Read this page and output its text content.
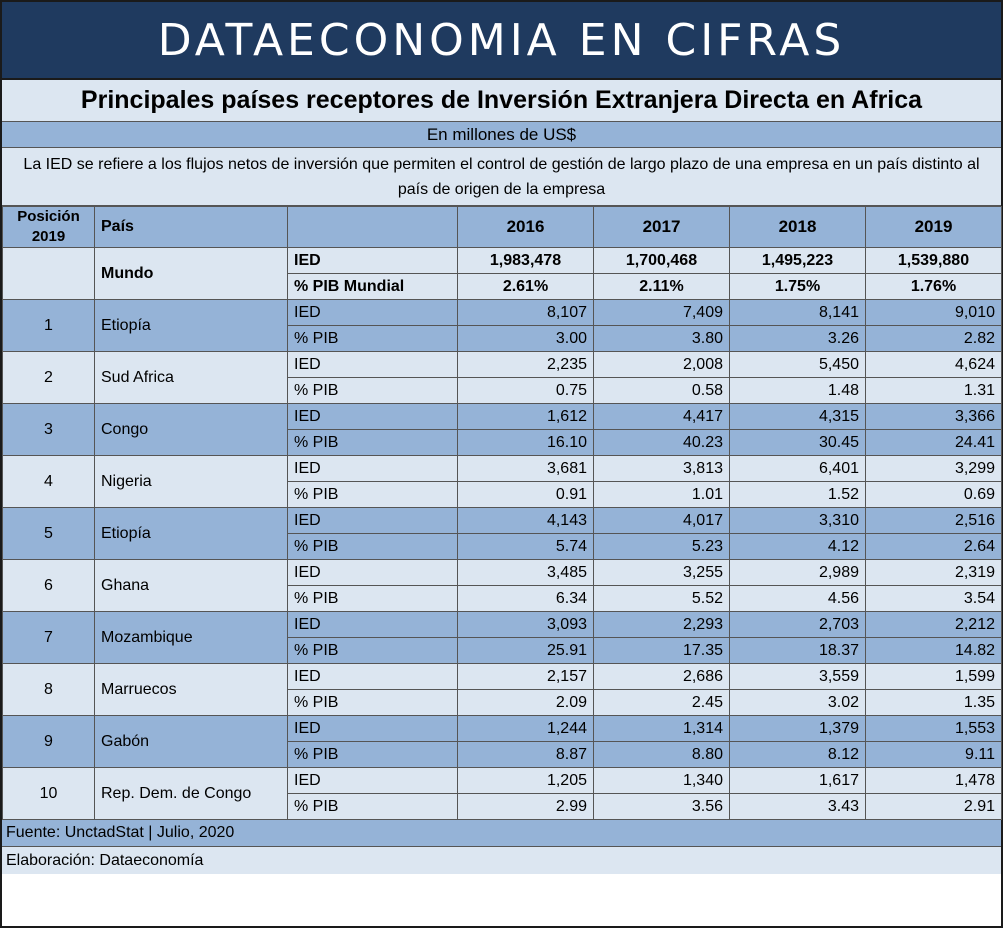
DATAECONOMIA EN CIFRAS
Principales países receptores de Inversión Extranjera Directa en Africa
En millones de US$
La IED se refiere a los flujos netos de inversión que permiten el control de gestión de largo plazo de una empresa en un país distinto al país de origen de la empresa
Posición 2019	País		2016	2017	2018	2019
	Mundo	IED	1,983,478	1,700,468	1,495,223	1,539,880
		% PIB Mundial	2.61%	2.11%	1.75%	1.76%
1	Etiopía	IED	8,107	7,409	8,141	9,010
		% PIB	3.00	3.80	3.26	2.82
2	Sud Africa	IED	2,235	2,008	5,450	4,624
		% PIB	0.75	0.58	1.48	1.31
3	Congo	IED	1,612	4,417	4,315	3,366
		% PIB	16.10	40.23	30.45	24.41
4	Nigeria	IED	3,681	3,813	6,401	3,299
		% PIB	0.91	1.01	1.52	0.69
5	Etiopía	IED	4,143	4,017	3,310	2,516
		% PIB	5.74	5.23	4.12	2.64
6	Ghana	IED	3,485	3,255	2,989	2,319
		% PIB	6.34	5.52	4.56	3.54
7	Mozambique	IED	3,093	2,293	2,703	2,212
		% PIB	25.91	17.35	18.37	14.82
8	Marruecos	IED	2,157	2,686	3,559	1,599
		% PIB	2.09	2.45	3.02	1.35
9	Gabón	IED	1,244	1,314	1,379	1,553
		% PIB	8.87	8.80	8.12	9.11
10	Rep. Dem. de Congo	IED	1,205	1,340	1,617	1,478
		% PIB	2.99	3.56	3.43	2.91
Fuente: UnctadStat | Julio, 2020
Elaboración: Dataeconomía
